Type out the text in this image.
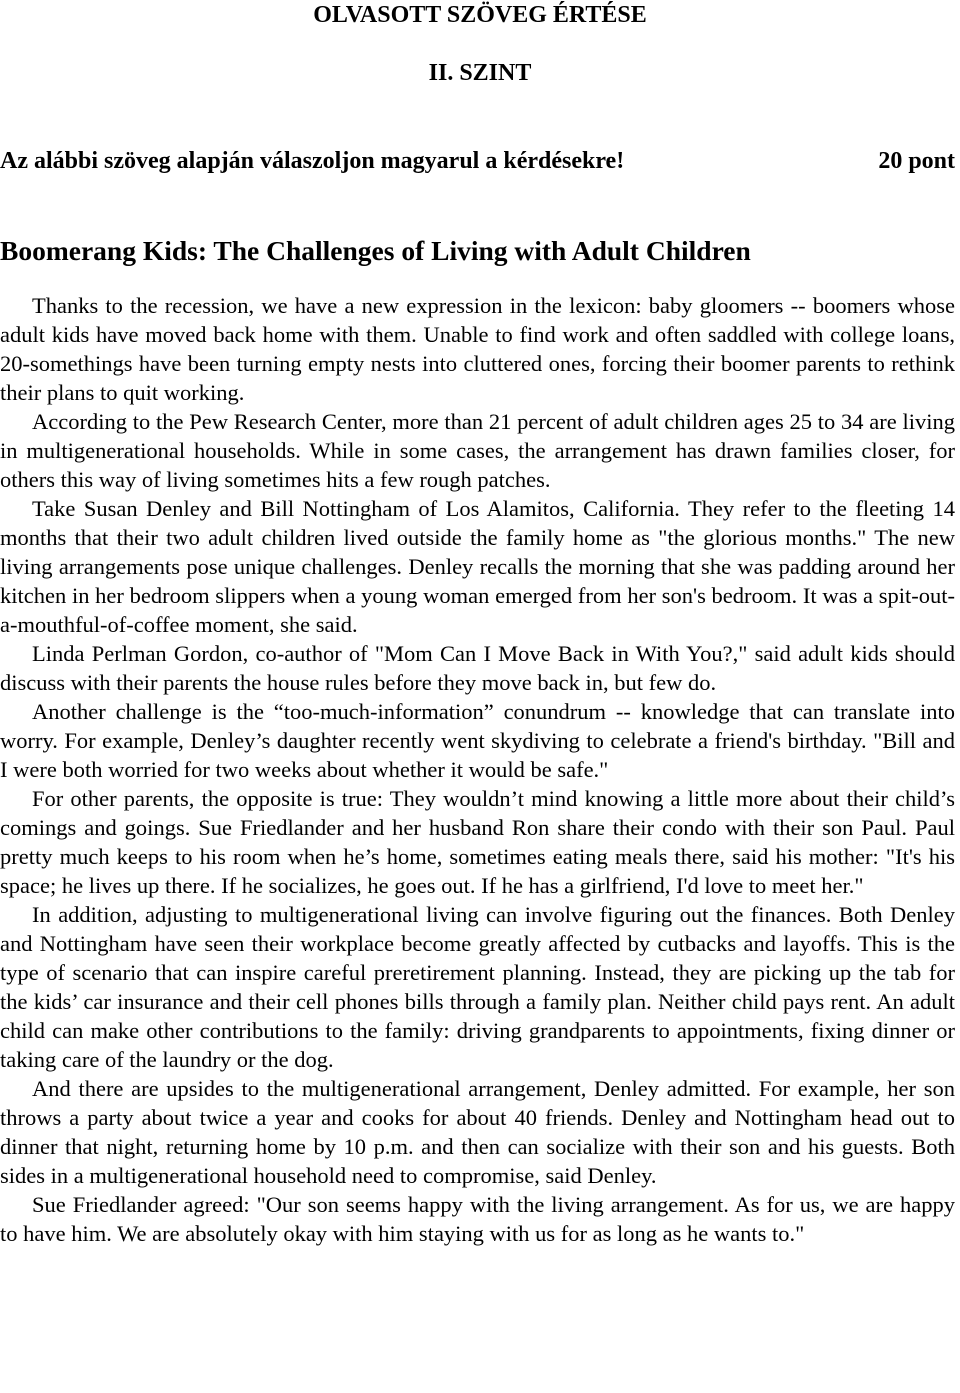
OLVASOTT SZÖVEG ÉRTÉSE
II. SZINT
Az alábbi szöveg alapján válaszoljon magyarul a kérdésekre!	20 pont
Boomerang Kids: The Challenges of Living with Adult Children

Thanks to the recession, we have a new expression in the lexicon: baby gloomers -- boomers whose adult kids have moved back home with them. Unable to find work and often saddled with college loans, 20-somethings have been turning empty nests into cluttered ones, forcing their boomer parents to rethink their plans to quit working.

According to the Pew Research Center, more than 21 percent of adult children ages 25 to 34 are living in multigenerational households. While in some cases, the arrangement has drawn families closer, for others this way of living sometimes hits a few rough patches.

Take Susan Denley and Bill Nottingham of Los Alamitos, California. They refer to the fleeting 14 months that their two adult children lived outside the family home as "the glorious months." The new living arrangements pose unique challenges. Denley recalls the morning that she was padding around her kitchen in her bedroom slippers when a young woman emerged from her son's bedroom. It was a spit-out-a-mouthful-of-coffee moment, she said.

Linda Perlman Gordon, co-author of "Mom Can I Move Back in With You?," said adult kids should discuss with their parents the house rules before they move back in, but few do.

Another challenge is the “too-much-information” conundrum -- knowledge that can translate into worry. For example, Denley’s daughter recently went skydiving to celebrate a friend's birthday. "Bill and I were both worried for two weeks about whether it would be safe."

For other parents, the opposite is true: They wouldn’t mind knowing a little more about their child’s comings and goings. Sue Friedlander and her husband Ron share their condo with their son Paul. Paul pretty much keeps to his room when he’s home, sometimes eating meals there, said his mother: "It's his space; he lives up there. If he socializes, he goes out. If he has a girlfriend, I'd love to meet her."

In addition, adjusting to multigenerational living can involve figuring out the finances. Both Denley and Nottingham have seen their workplace become greatly affected by cutbacks and layoffs. This is the type of scenario that can inspire careful preretirement planning. Instead, they are picking up the tab for the kids’ car insurance and their cell phones bills through a family plan. Neither child pays rent. An adult child can make other contributions to the family: driving grandparents to appointments, fixing dinner or taking care of the laundry or the dog.

And there are upsides to the multigenerational arrangement, Denley admitted. For example, her son throws a party about twice a year and cooks for about 40 friends. Denley and Nottingham head out to dinner that night, returning home by 10 p.m. and then can socialize with their son and his guests. Both sides in a multigenerational household need to compromise, said Denley.

Sue Friedlander agreed: "Our son seems happy with the living arrangement. As for us, we are happy to have him. We are absolutely okay with him staying with us for as long as he wants to."
